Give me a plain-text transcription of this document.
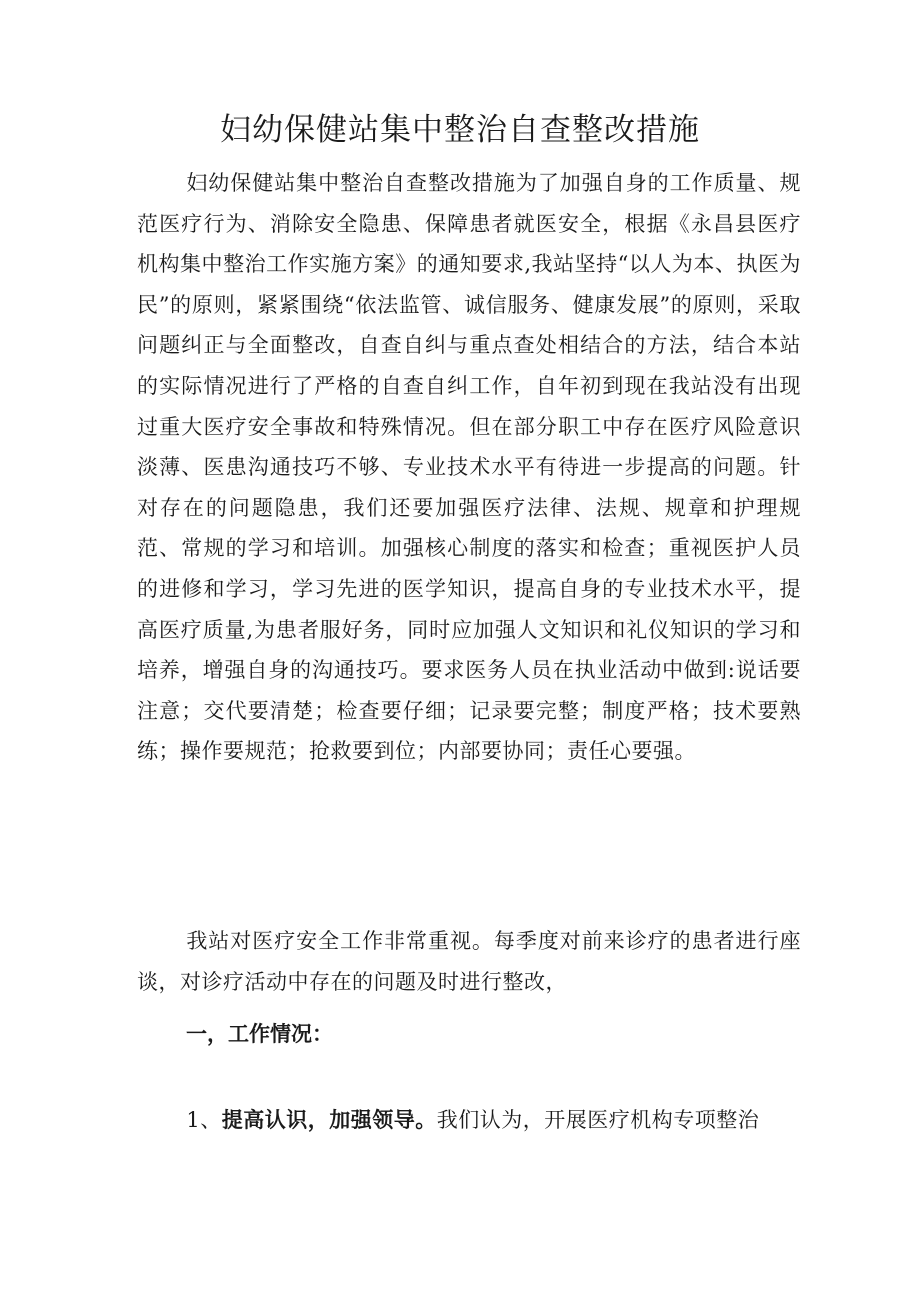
妇幼保健站集中整治自查整改措施

妇幼保健站集中整治自查整改措施为了加强自身的工作质量、规范医疗行为、消除安全隐患、保障患者就医安全，根据《永昌县医疗机构集中整治工作实施方案》的通知要求,我站坚持“以人为本、执医为民”的原则，紧紧围绕“依法监管、诚信服务、健康发展”的原则，采取问题纠正与全面整改，自查自纠与重点查处相结合的方法，结合本站的实际情况进行了严格的自查自纠工作，自年初到现在我站没有出现过重大医疗安全事故和特殊情况。但在部分职工中存在医疗风险意识淡薄、医患沟通技巧不够、专业技术水平有待进一步提高的问题。针对存在的问题隐患，我们还要加强医疗法律、法规、规章和护理规范、常规的学习和培训。加强核心制度的落实和检查；重视医护人员的进修和学习，学习先进的医学知识，提高自身的专业技术水平，提高医疗质量,为患者服好务，同时应加强人文知识和礼仪知识的学习和培养，增强自身的沟通技巧。要求医务人员在执业活动中做到:说话要注意；交代要清楚；检查要仔细；记录要完整；制度严格；技术要熟练；操作要规范；抢救要到位；内部要协同；责任心要强。

我站对医疗安全工作非常重视。每季度对前来诊疗的患者进行座谈，对诊疗活动中存在的问题及时进行整改，

一，工作情况：

1、提高认识，加强领导。我们认为，开展医疗机构专项整治
